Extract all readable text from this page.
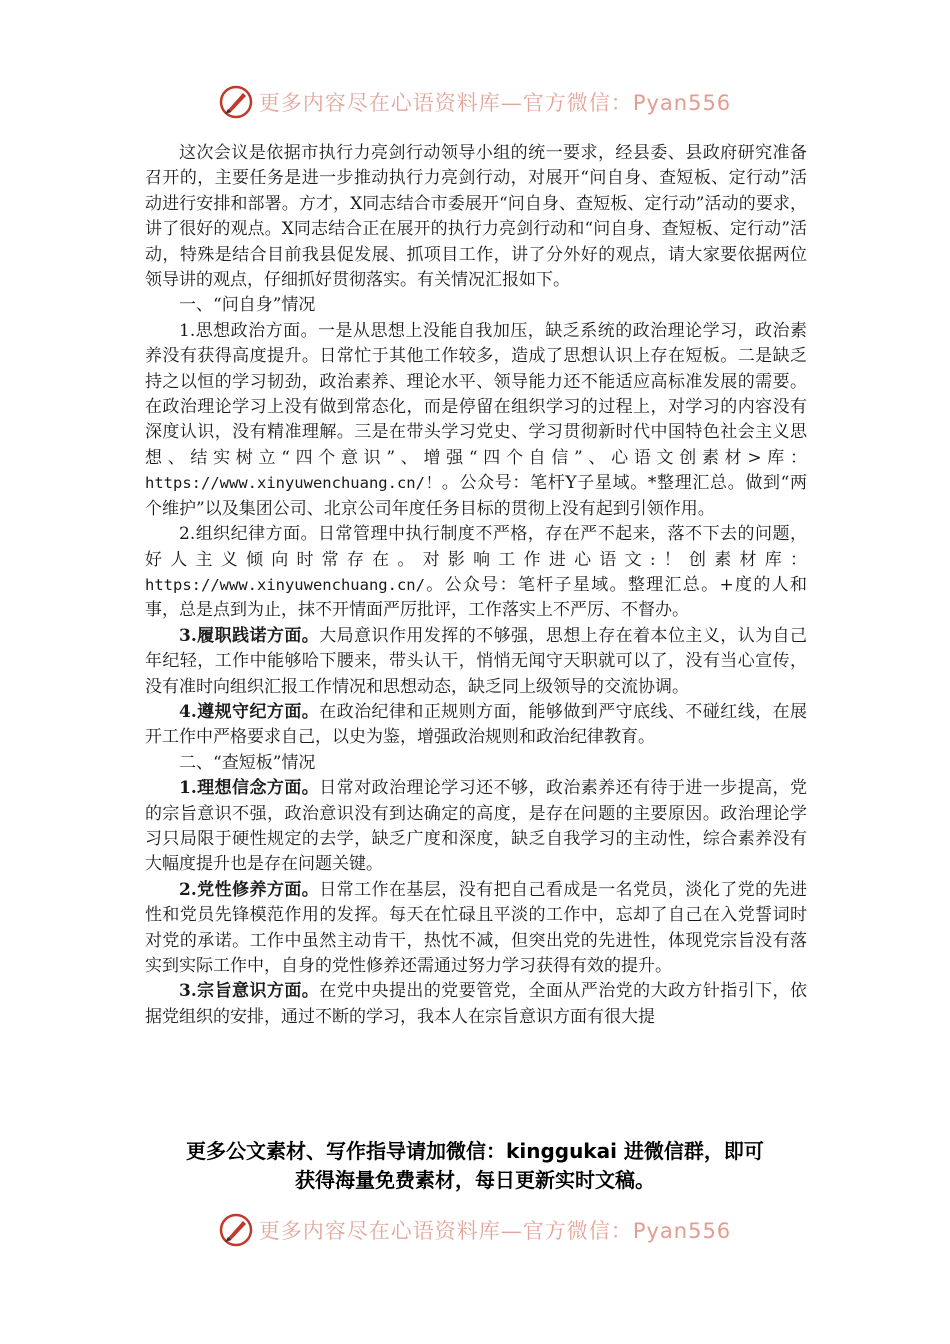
更多内容尽在心语资料库—官方微信：Pyan556

这次会议是依据市执行力亮剑行动领导小组的统一要求，经县委、县政府研究准备召开的，主要任务是进一步推动执行力亮剑行动，对展开“问自身、查短板、定行动”活动进行安排和部署。方才，X同志结合市委展开“问自身、查短板、定行动”活动的要求，讲了很好的观点。X同志结合正在展开的执行力亮剑行动和“问自身、查短板、定行动”活动，特殊是结合目前我县促发展、抓项目工作，讲了分外好的观点，请大家要依据两位领导讲的观点，仔细抓好贯彻落实。有关情况汇报如下。

一、“问自身”情况

1.思想政治方面。一是从思想上没能自我加压，缺乏系统的政治理论学习，政治素养没有获得高度提升。日常忙于其他工作较多，造成了思想认识上存在短板。二是缺乏持之以恒的学习韧劲，政治素养、理论水平、领导能力还不能适应高标准发展的需要。在政治理论学习上没有做到常态化，而是停留在组织学习的过程上，对学习的内容没有深度认识，没有精准理解。三是在带头学习党史、学习贯彻新时代中国特色社会主义思想、结实树立“四个意识”、增强“四个自信”、心语文创素材>库：https://www.xinyuwenchuang.cn/！。公众号：笔杆Y子星域。*整理汇总。做到“两个维护”以及集团公司、北京公司年度任务目标的贯彻上没有起到引领作用。

2.组织纪律方面。日常管理中执行制度不严格，存在严不起来，落不下去的问题，好人主义倾向时常存在。对影响工作进心语文:！创素材库：https://www.xinyuwenchuang.cn/。公众号：笔杆子星域。整理汇总。+度的人和事，总是点到为止，抹不开情面严厉批评，工作落实上不严厉、不督办。

3.履职践诺方面。大局意识作用发挥的不够强，思想上存在着本位主义，认为自己年纪轻，工作中能够哈下腰来，带头认干，悄悄无闻守天职就可以了，没有当心宣传，没有准时向组织汇报工作情况和思想动态，缺乏同上级领导的交流协调。

4.遵规守纪方面。在政治纪律和正规则方面，能够做到严守底线、不碰红线，在展开工作中严格要求自己，以史为鉴，增强政治规则和政治纪律教育。

二、“查短板”情况

1.理想信念方面。日常对政治理论学习还不够，政治素养还有待于进一步提高，党的宗旨意识不强，政治意识没有到达确定的高度，是存在问题的主要原因。政治理论学习只局限于硬性规定的去学，缺乏广度和深度，缺乏自我学习的主动性，综合素养没有大幅度提升也是存在问题关键。

2.党性修养方面。日常工作在基层，没有把自己看成是一名党员，淡化了党的先进性和党员先锋模范作用的发挥。每天在忙碌且平淡的工作中，忘却了自己在入党誓词时对党的承诺。工作中虽然主动肯干，热忱不减，但突出党的先进性，体现党宗旨没有落实到实际工作中，自身的党性修养还需通过努力学习获得有效的提升。

3.宗旨意识方面。在党中央提出的党要管党，全面从严治党的大政方针指引下，依据党组织的安排，通过不断的学习，我本人在宗旨意识方面有很大提

更多公文素材、写作指导请加微信：kinggukai 进微信群，即可
获得海量免费素材，每日更新实时文稿。
更多内容尽在心语资料库—官方微信：Pyan556
